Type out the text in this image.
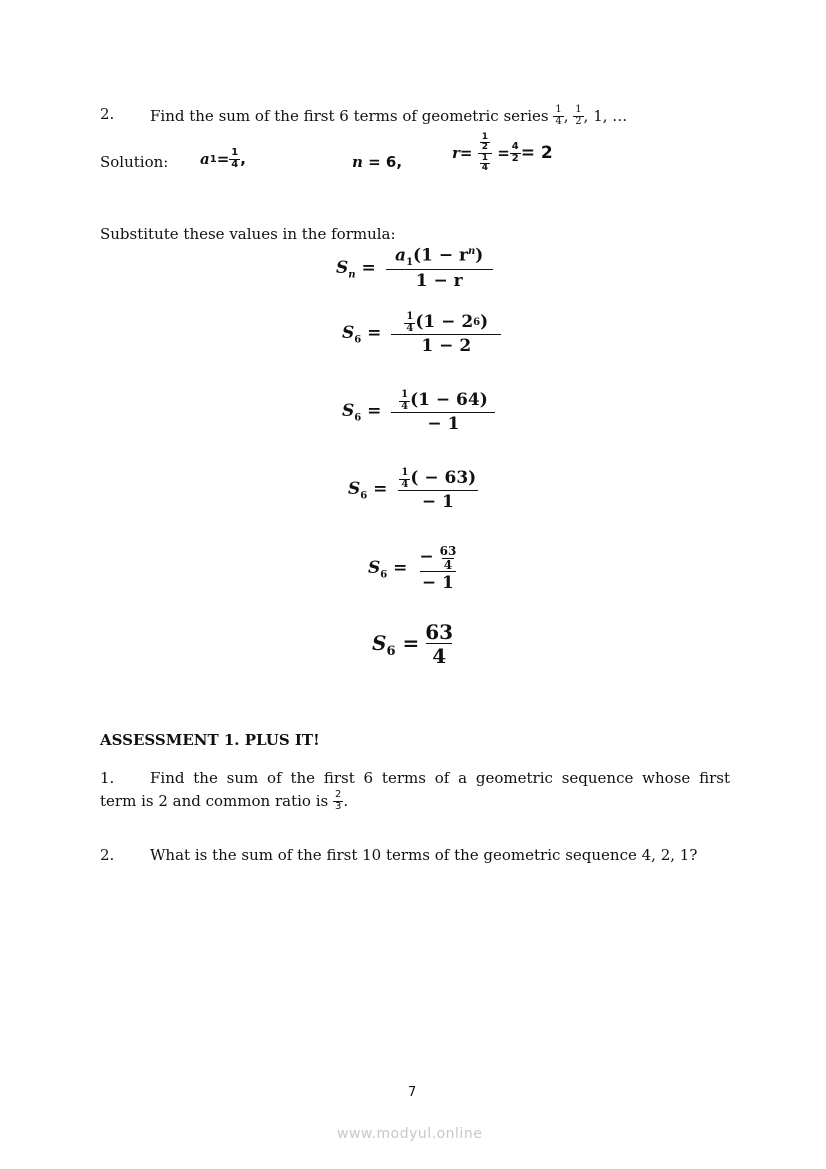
2. Find the sum of the first 6 terms of geometric series
$\frac{1}{4}$ , $\frac{1}{2}$ , 1, …
Solution: a $1 = \frac{1}{4}$ ,	n = 6,	r =
$\frac{\frac{1}{2}}{\frac{1}{4}}$
= $\frac{4}{2} = 2$
Substitute these values in the formula:
$S_n = \frac{a_1(1 - r^n)}{1 - r}$
$S_6 = \frac{\frac{1}{4} (1 - 2 6 )}{1 - 2}$
$S_6 = \frac{\frac{1}{4} (1 - 64)}{- 1}$
$S_6 = \frac{\frac{1}{4} ( - 63)}{- 1}$
$S_6$ = −
$\frac{63}{4}$
− 1
$S_6 = \frac{63}{4}$
ASSESSMENT 1. PLUS IT!
1. Find the sum of the first 6 terms of a geometric sequence whose first
term is 2 and common ratio is
$\frac{2}{3}$ .
2. What is the sum of the first 10 terms of the geometric sequence 4, 2, 1?
7
www.modyul.online
